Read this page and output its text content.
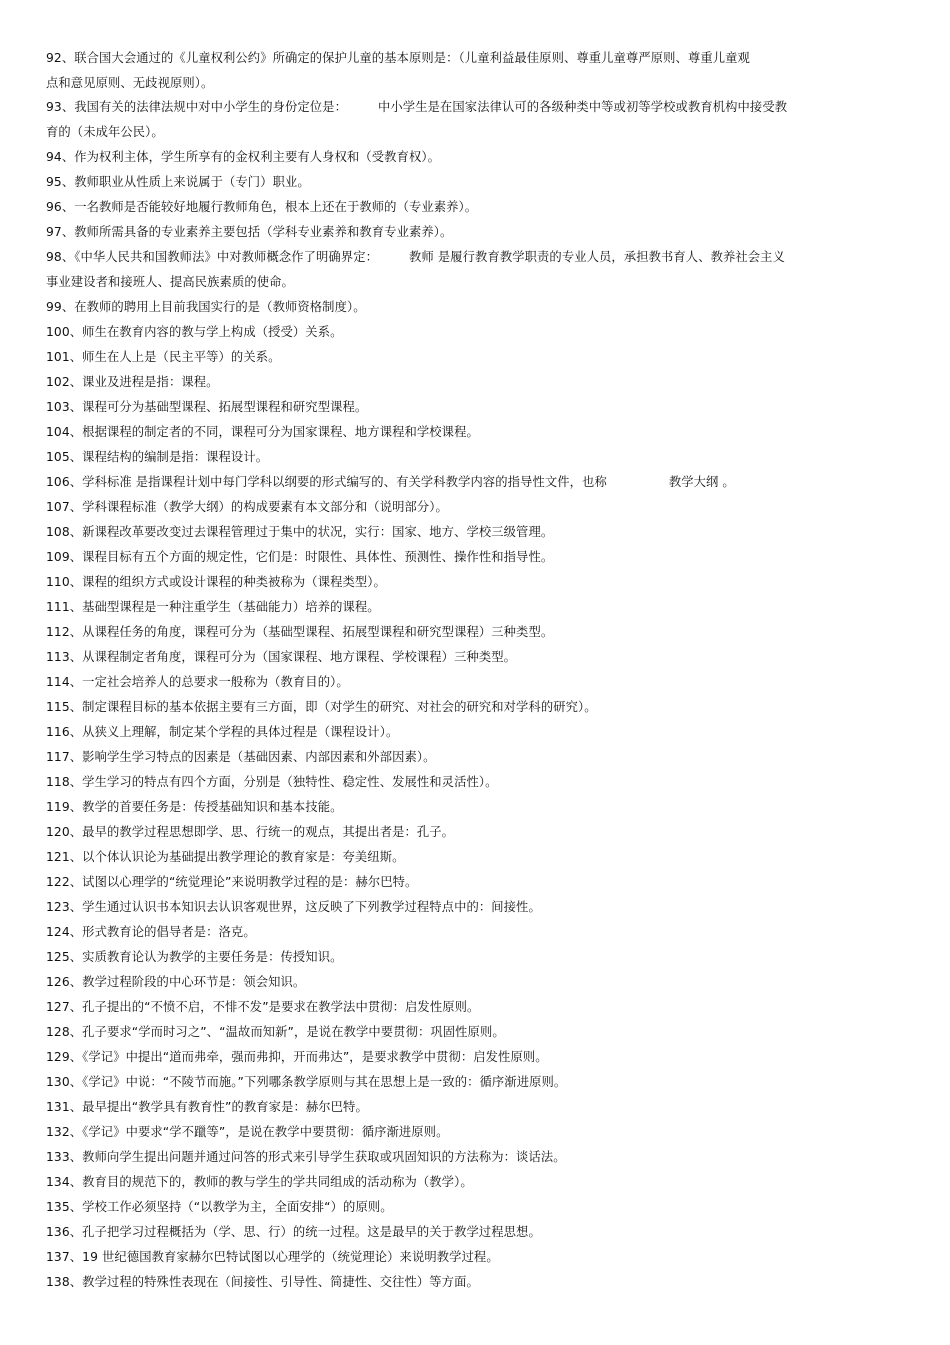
92、联合国大会通过的《儿童权利公约》所确定的保护儿童的基本原则是：（儿童利益最佳原则、尊重儿童尊严原则、尊重儿童观
点和意见原则、无歧视原则）。
93、我国有关的法律法规中对中小学生的身份定位是：　　　中小学生是在国家法律认可的各级种类中等或初等学校或教育机构中接受教
育的（未成年公民）。
94、作为权利主体，学生所享有的金权利主要有人身权和（受教育权）。
95、教师职业从性质上来说属于（专门）职业。
96、一名教师是否能较好地履行教师角色，根本上还在于教师的（专业素养）。
97、教师所需具备的专业素养主要包括（学科专业素养和教育专业素养）。
98、《中华人民共和国教师法》中对教师概念作了明确界定：　　　教师 是履行教育教学职责的专业人员，承担教书育人、教养社会主义
事业建设者和接班人、提高民族素质的使命。
99、在教师的聘用上目前我国实行的是（教师资格制度）。
100、师生在教育内容的教与学上构成（授受）关系。
101、师生在人上是（民主平等）的关系。
102、课业及进程是指：课程。
103、课程可分为基础型课程、拓展型课程和研究型课程。
104、根据课程的制定者的不同，课程可分为国家课程、地方课程和学校课程。
105、课程结构的编制是指：课程设计。
106、学科标准 是指课程计划中每门学科以纲要的形式编写的、有关学科教学内容的指导性文件，也称　　　　　教学大纲 。
107、学科课程标准（教学大纲）的构成要素有本文部分和（说明部分）。
108、新课程改革要改变过去课程管理过于集中的状况，实行：国家、地方、学校三级管理。
109、课程目标有五个方面的规定性，它们是：时限性、具体性、预测性、操作性和指导性。
110、课程的组织方式或设计课程的种类被称为（课程类型）。
111、基础型课程是一种注重学生（基础能力）培养的课程。
112、从课程任务的角度，课程可分为（基础型课程、拓展型课程和研究型课程）三种类型。
113、从课程制定者角度，课程可分为（国家课程、地方课程、学校课程）三种类型。
114、一定社会培养人的总要求一般称为（教育目的）。
115、制定课程目标的基本依据主要有三方面，即（对学生的研究、对社会的研究和对学科的研究）。
116、从狭义上理解，制定某个学程的具体过程是（课程设计）。
117、影响学生学习特点的因素是（基础因素、内部因素和外部因素）。
118、学生学习的特点有四个方面，分别是（独特性、稳定性、发展性和灵活性）。
119、教学的首要任务是：传授基础知识和基本技能。
120、最早的教学过程思想即学、思、行统一的观点，其提出者是：孔子。
121、以个体认识论为基础提出教学理论的教育家是：夸美纽斯。
122、试图以心理学的“统觉理论”来说明教学过程的是：赫尔巴特。
123、学生通过认识书本知识去认识客观世界，这反映了下列教学过程特点中的：间接性。
124、形式教育论的倡导者是：洛克。
125、实质教育论认为教学的主要任务是：传授知识。
126、教学过程阶段的中心环节是：领会知识。
127、孔子提出的“不愤不启，不悱不发”是要求在教学法中贯彻：启发性原则。
128、孔子要求“学而时习之”、“温故而知新”，是说在教学中要贯彻：巩固性原则。
129、《学记》中提出“道而弗牵，强而弗抑，开而弗达”，是要求教学中贯彻：启发性原则。
130、《学记》中说：“不陵节而施。”下列哪条教学原则与其在思想上是一致的：循序渐进原则。
131、最早提出“教学具有教育性”的教育家是：赫尔巴特。
132、《学记》中要求“学不躐等”，是说在教学中要贯彻：循序渐进原则。
133、教师向学生提出问题并通过问答的形式来引导学生获取或巩固知识的方法称为：谈话法。
134、教育目的规范下的，教师的教与学生的学共同组成的活动称为（教学）。
135、学校工作必须坚持（“以教学为主，全面安排“）的原则。
136、孔子把学习过程概括为（学、思、行）的统一过程。这是最早的关于教学过程思想。
137、19 世纪德国教育家赫尔巴特试图以心理学的（统觉理论）来说明教学过程。
138、教学过程的特殊性表现在（间接性、引导性、简捷性、交往性）等方面。
